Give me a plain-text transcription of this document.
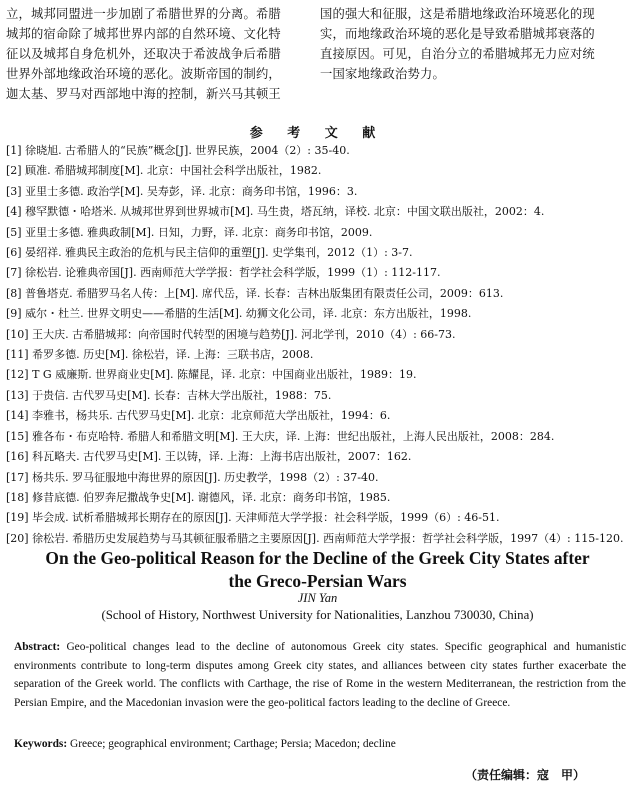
立，城邦同盟进一步加剧了希腊世界的分离。希腊
城邦的宿命除了城邦世界内部的自然环境、文化特
征以及城邦自身危机外，还取决于希波战争后希腊
世界外部地缘政治环境的恶化。波斯帝国的制约，
迦太基、罗马对西部地中海的控制，新兴马其顿王
国的强大和征服，这是希腊地缘政治环境恶化的现
实，而地缘政治环境的恶化是导致希腊城邦衰落的
直接原因。可见，自治分立的希腊城邦无力应对统
一国家地缘政治势力。
参 考 文 献
[1]
徐晓旭. 古希腊人的“民族”概念[J]. 世界民族，2004（2）: 35-40.
[2]
顾准. 希腊城邦制度[M]. 北京：中国社会科学出版社，1982.
[3]
亚里士多德. 政治学[M]. 吴寿彭，译. 北京：商务印书馆，1996：3.
[4]
穆罕默德・哈塔米. 从城邦世界到世界城市[M]. 马生贵，塔瓦纳，译校. 北京：中国文联出版社，2002：4.
[5]
亚里士多德. 雅典政制[M]. 日知，力野，译. 北京：商务印书馆，2009.
[6]
晏绍祥. 雅典民主政治的危机与民主信仰的重塑[J]. 史学集刊，2012（1）: 3-7.
[7]
徐松岩. 论雅典帝国[J]. 西南师范大学学报：哲学社会科学版，1999（1）: 112-117.
[8]
普鲁塔克. 希腊罗马名人传：上[M]. 席代岳，译. 长春：吉林出版集团有限责任公司，2009：613.
[9]
威尔・杜兰. 世界文明史——希腊的生活[M]. 幼狮文化公司，译. 北京：东方出版社，1998.
[10]
王大庆. 古希腊城邦：向帝国时代转型的困境与趋势[J]. 河北学刊，2010（4）: 66-73.
[11]
希罗多德. 历史[M]. 徐松岩，译. 上海：三联书店，2008.
[12]
T G 威廉斯. 世界商业史[M]. 陈耀昆，译. 北京：中国商业出版社，1989：19.
[13]
于贵信. 古代罗马史[M]. 长春：吉林大学出版社，1988：75.
[14]
李雅书，杨共乐. 古代罗马史[M]. 北京：北京师范大学出版社，1994：6.
[15]
雅各布・布克哈特. 希腊人和希腊文明[M]. 王大庆，译. 上海：世纪出版社，上海人民出版社，2008：284.
[16]
科瓦略夫. 古代罗马史[M]. 王以铸，译. 上海：上海书店出版社，2007：162.
[17]
杨共乐. 罗马征服地中海世界的原因[J]. 历史教学，1998（2）: 37-40.
[18]
修昔底德. 伯罗奔尼撒战争史[M]. 谢德风，译. 北京：商务印书馆，1985.
[19]
毕会成. 试析希腊城邦长期存在的原因[J]. 天津师范大学学报：社会科学版，1999（6）: 46-51.
[20]
徐松岩. 希腊历史发展趋势与马其顿征服希腊之主要原因[J]. 西南师范大学学报：哲学社会科学版，1997（4）: 115-120.
On the Geo-political Reason for the Decline of the Greek City States after
the Greco-Persian Wars
JIN Yan
(School of History, Northwest University for Nationalities, Lanzhou 730030, China)
Abstract: Geo-political changes lead to the decline of autonomous Greek city states. Specific geographical and humanistic environments contribute to long-term disputes among Greek city states, and alliances between city states further exacerbate the separation of the Greek world. The conflicts with Carthage, the rise of Rome in the western Mediterranean, the restriction from the Persian Empire, and the Macedonian invasion were the geo-political factors leading to the decline of Greece.
Keywords: Greece; geographical environment; Carthage; Persia; Macedon; decline
（责任编辑：寇　甲）
